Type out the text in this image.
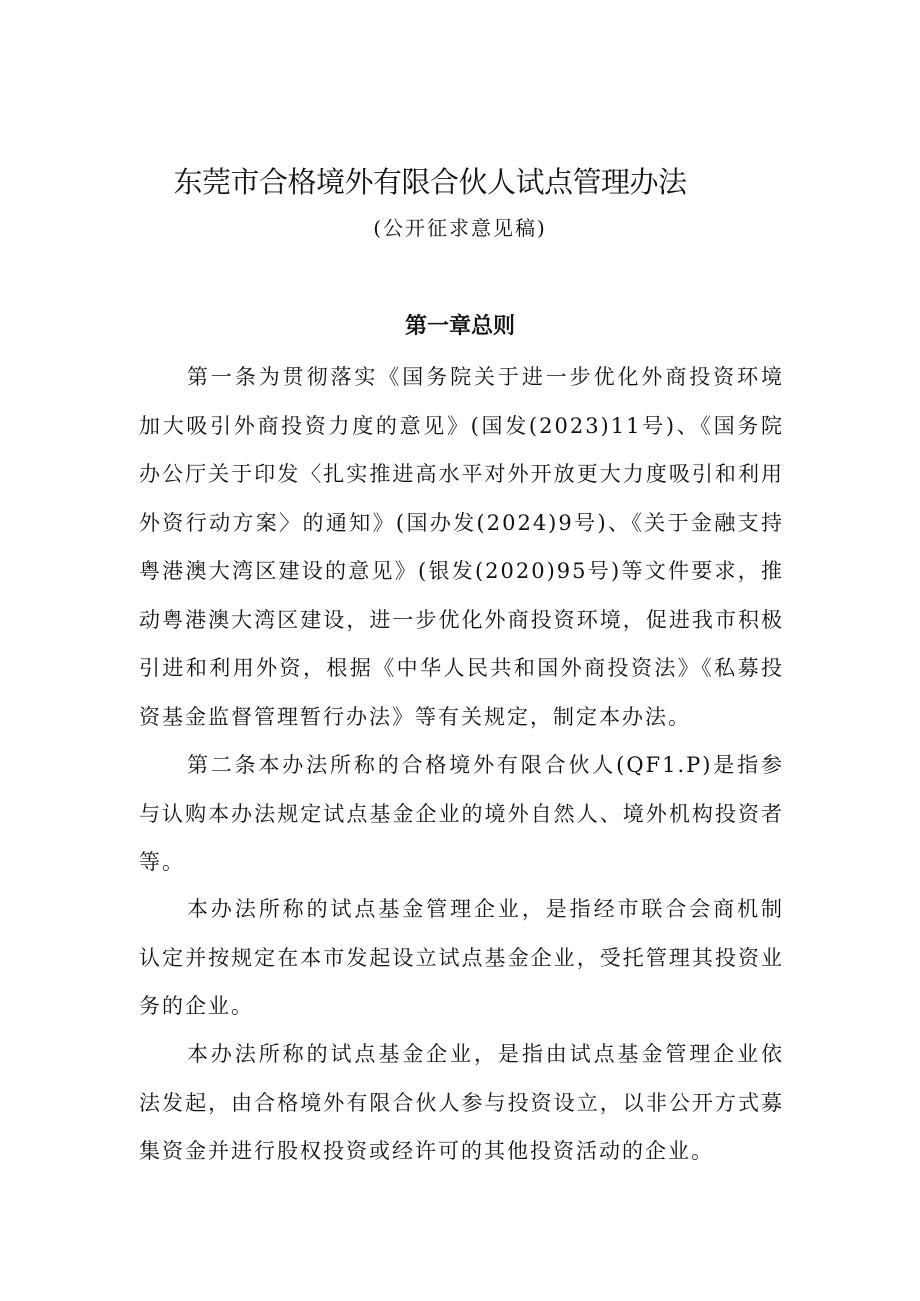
东莞市合格境外有限合伙人试点管理办法
(公开征求意见稿)
第一章总则

第一条为贯彻落实《国务院关于进一步优化外商投资环境加大吸引外商投资力度的意见》(国发(2023)11号)、《国务院办公厅关于印发〈扎实推进高水平对外开放更大力度吸引和利用外资行动方案〉的通知》(国办发(2024)9号)、《关于金融支持粤港澳大湾区建设的意见》(银发(2020)95号)等文件要求，推动粤港澳大湾区建设，进一步优化外商投资环境，促进我市积极引进和利用外资，根据《中华人民共和国外商投资法》《私募投资基金监督管理暂行办法》等有关规定，制定本办法。

第二条本办法所称的合格境外有限合伙人(QF1.P)是指参与认购本办法规定试点基金企业的境外自然人、境外机构投资者等。

本办法所称的试点基金管理企业，是指经市联合会商机制认定并按规定在本市发起设立试点基金企业，受托管理其投资业务的企业。

本办法所称的试点基金企业，是指由试点基金管理企业依法发起，由合格境外有限合伙人参与投资设立，以非公开方式募集资金并进行股权投资或经许可的其他投资活动的企业。
